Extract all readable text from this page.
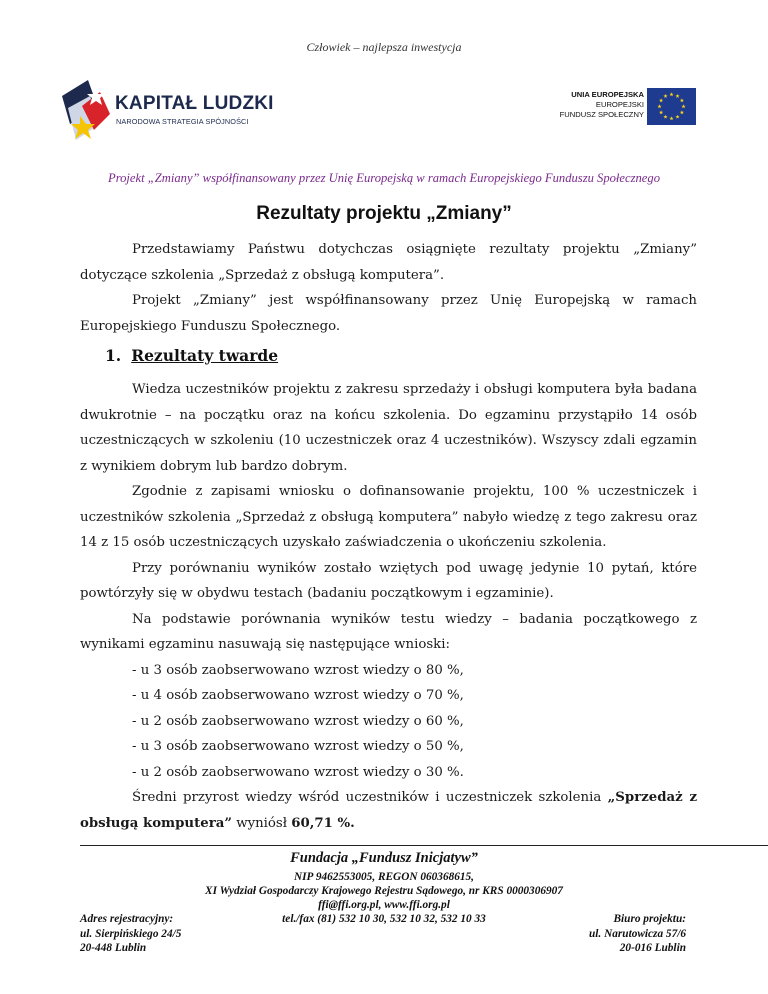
Człowiek – najlepsza inwestycja
KAPITAŁ LUDZKI
NARODOWA STRATEGIA SPÓJNOŚCI
UNIA EUROPEJSKA
EUROPEJSKI
FUNDUSZ SPOŁECZNY
Projekt „Zmiany” współfinansowany przez Unię Europejską w ramach Europejskiego Funduszu Społecznego
Rezultaty projektu „Zmiany”

Przedstawiamy Państwu dotychczas osiągnięte rezultaty projektu „Zmiany” dotyczące szkolenia „Sprzedaż z obsługą komputera”.

Projekt „Zmiany” jest współfinansowany przez Unię Europejską w ramach Europejskiego Funduszu Społecznego.

1. Rezultaty twarde

Wiedza uczestników projektu z zakresu sprzedaży i obsługi komputera była badana dwukrotnie – na początku oraz na końcu szkolenia. Do egzaminu przystąpiło 14 osób uczestniczących w szkoleniu (10 uczestniczek oraz 4 uczestników). Wszyscy zdali egzamin z wynikiem dobrym lub bardzo dobrym.

Zgodnie z zapisami wniosku o dofinansowanie projektu, 100 % uczestniczek i uczestników szkolenia „Sprzedaż z obsługą komputera” nabyło wiedzę z tego zakresu oraz 14 z 15 osób uczestniczących uzyskało zaświadczenia o ukończeniu szkolenia.

Przy porównaniu wyników zostało wziętych pod uwagę jedynie 10 pytań, które powtórzyły się w obydwu testach (badaniu początkowym i egzaminie).

Na podstawie porównania wyników testu wiedzy – badania początkowego z wynikami egzaminu nasuwają się następujące wnioski:

- u 3 osób zaobserwowano wzrost wiedzy o 80 %,

- u 4 osób zaobserwowano wzrost wiedzy o 70 %,

- u 2 osób zaobserwowano wzrost wiedzy o 60 %,

- u 3 osób zaobserwowano wzrost wiedzy o 50 %,

- u 2 osób zaobserwowano wzrost wiedzy o 30 %.

Średni przyrost wiedzy wśród uczestników i uczestniczek szkolenia „Sprzedaż z obsługą komputera” wyniósł 60,71 %.

Fundacja „Fundusz Inicjatyw”
NIP 9462553005, REGON 060368615,
XI Wydział Gospodarczy Krajowego Rejestru Sądowego, nr KRS 0000306907
ffi@ffi.org.pl, www.ffi.org.pl
tel./fax (81) 532 10 30, 532 10 32, 532 10 33
Adres rejestracyjny:
ul. Sierpińskiego 24/5
20-448 Lublin
Biuro projektu:
ul. Narutowicza 57/6
20-016 Lublin
